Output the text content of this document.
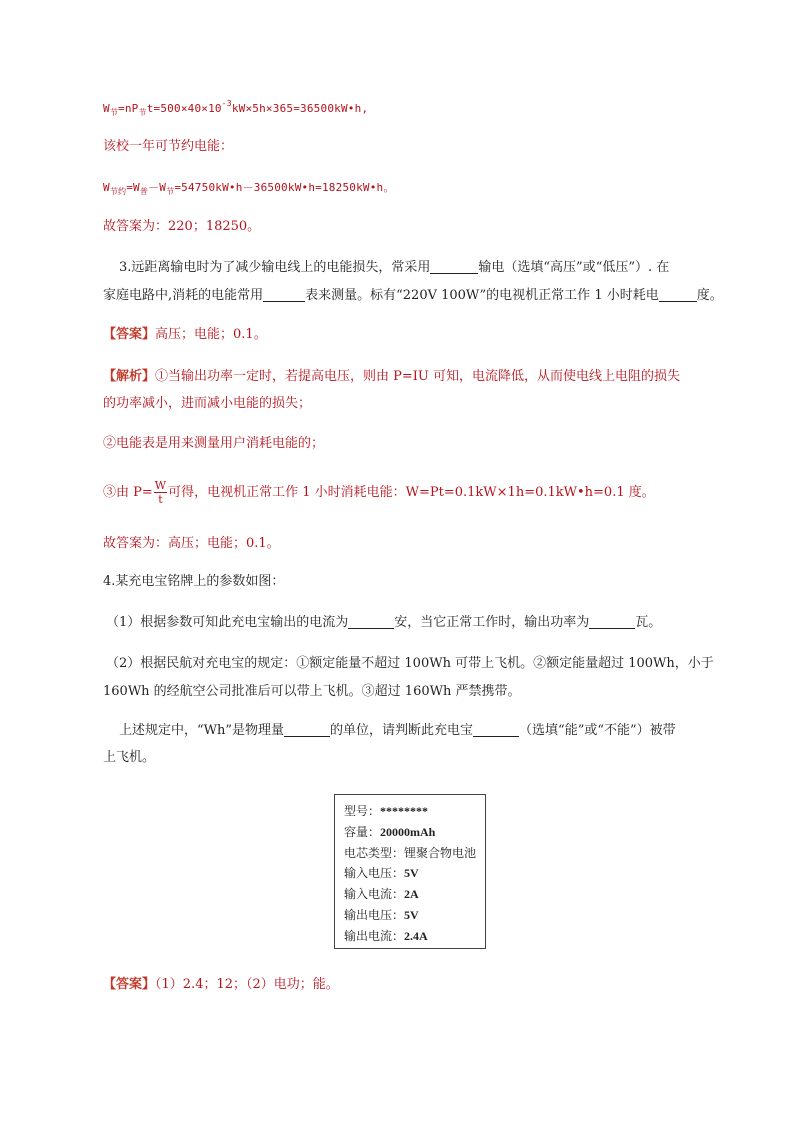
$W_节=nP_节t=500\times 40\times 10^{-3}kW\times 5h\times 365=36500kW•h$,
该校一年可节约电能：
$W_{节约}=W_普-W_节=54750kW•h-36500kW•h=18250kW•h$。
故答案为：220；18250。
3.远距离输电时为了减少输电线上的电能损失，常采用	输电（选填“高压”或“低压”）. 在
家庭电路中,消耗的电能常用	表来测量。标有“220V 100W”的电视机正常工作 1 小时耗电	度。
【答案】高压；电能；0.1。
【解析】①当输出功率一定时，若提高电压，则由 P=IU 可知，电流降低，从而使电线上电阻的损失
的功率减小，进而减小电能的损失；
②电能表是用来测量用户消耗电能的；
③由 $P= \frac{W}{t}$ 可得，电视机正常工作 1 小时消耗电能：W=Pt=0.1kW×1h=0.1kW•h=0.1 度。
故答案为：高压；电能；0.1。
4.某充电宝铭牌上的参数如图：
（1）根据参数可知此充电宝输出的电流为	安，当它正常工作时，输出功率为	瓦。
（2）根据民航对充电宝的规定：①额定能量不超过 100Wh 可带上飞机。②额定能量超过 100Wh，小于
160Wh 的经航空公司批准后可以带上飞机。③超过 160Wh 严禁携带。
上述规定中，“Wh”是物理量	的单位，请判断此充电宝	（选填“能”或“不能”）被带
上飞机。
型号：********
容量：20000mAh
电芯类型：锂聚合物电池
输入电压：5V
输入电流：2A
输出电压：5V
输出电流：2.4A
【答案】（1）2.4；12；（2）电功；能。
